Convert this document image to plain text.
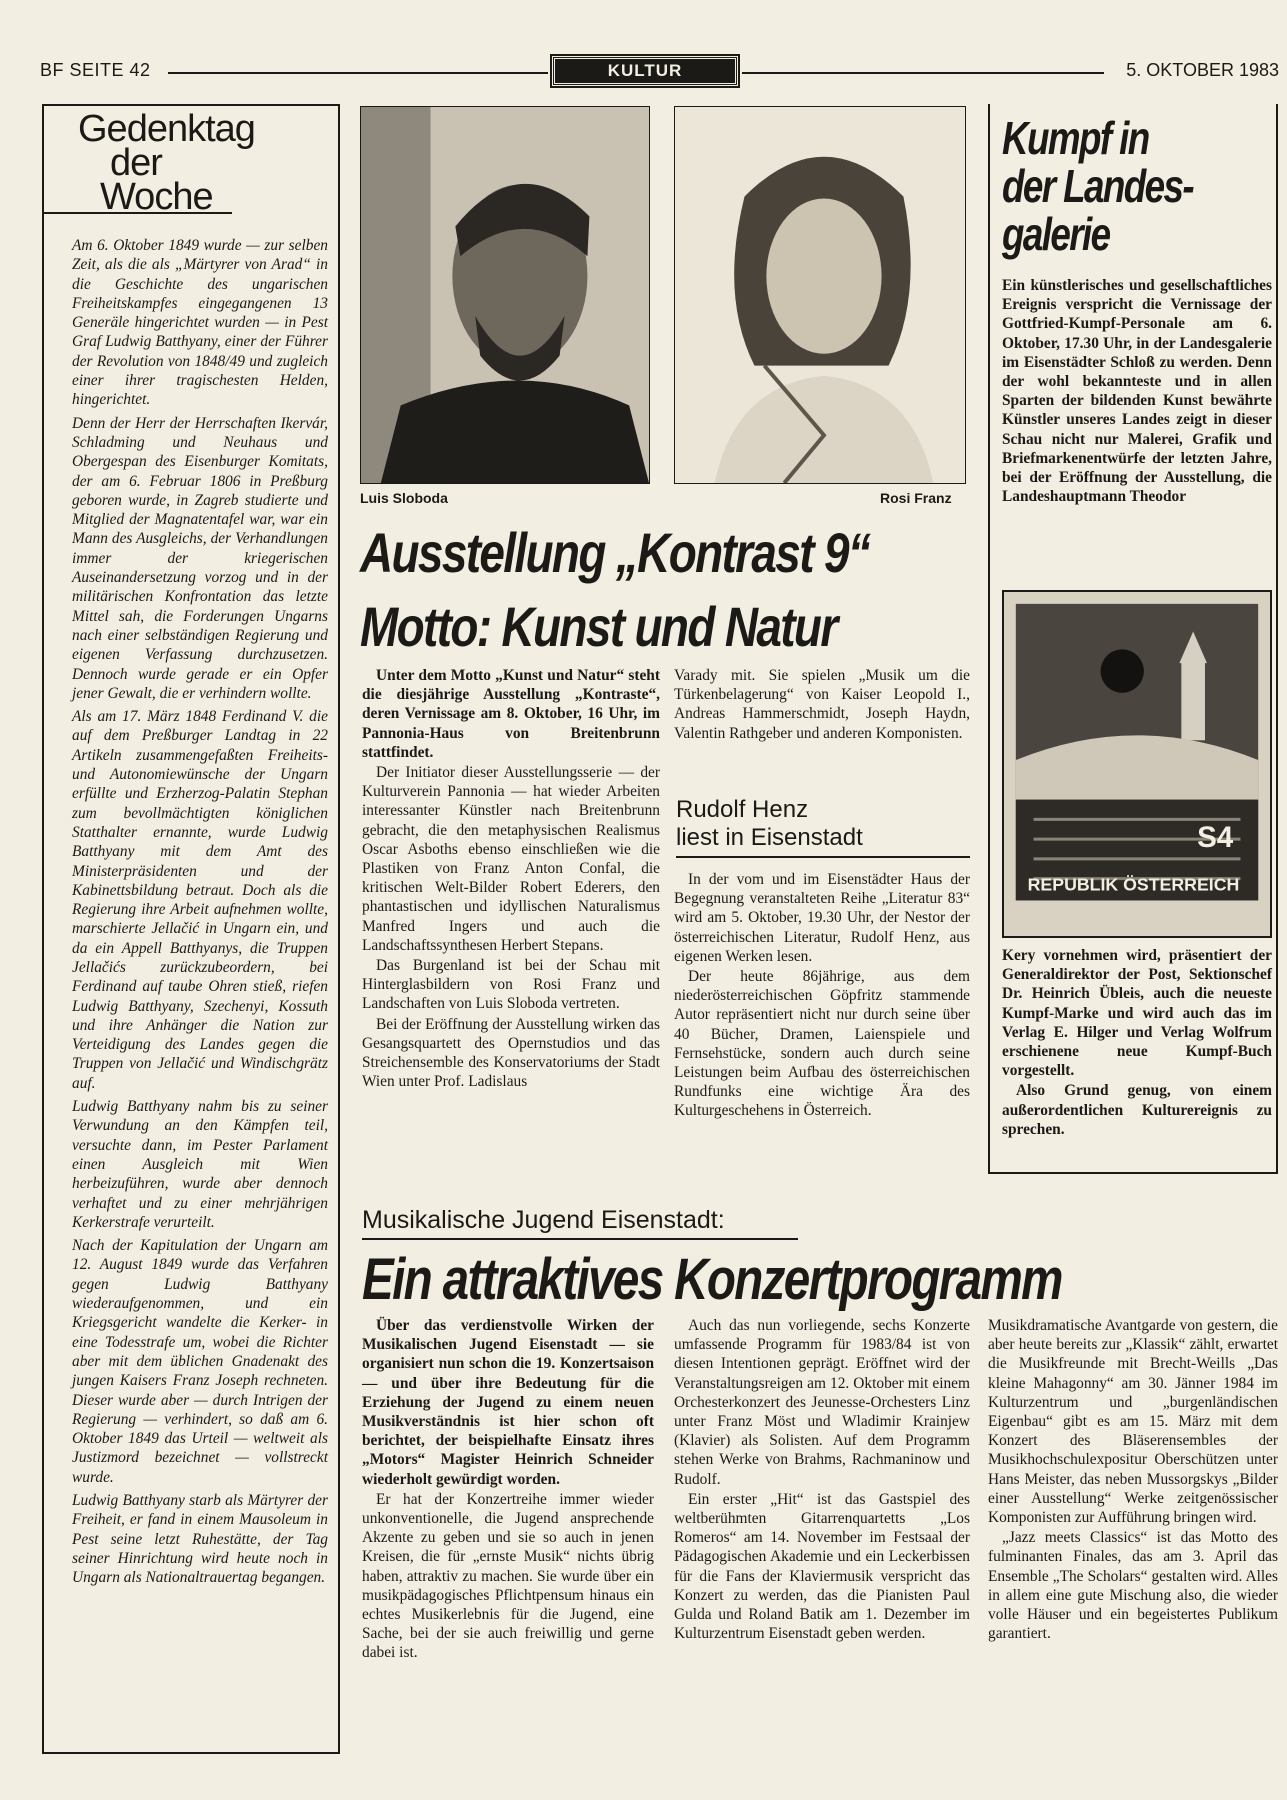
BF SEITE 42	KULTUR	5. OKTOBER 1983
Gedenktag
der
Woche

Am 6. Oktober 1849 wurde — zur selben Zeit, als die als „Märtyrer von Arad“ in die Geschichte des ungarischen Freiheitskampfes eingegangenen 13 Generäle hingerichtet wurden — in Pest Graf Ludwig Batthyany, einer der Führer der Revolution von 1848/49 und zugleich einer ihrer tragischesten Helden, hingerichtet.

Denn der Herr der Herrschaften Ikervár, Schladming und Neuhaus und Obergespan des Eisenburger Komitats, der am 6. Februar 1806 in Preßburg geboren wurde, in Zagreb studierte und Mitglied der Magnatentafel war, war ein Mann des Ausgleichs, der Verhandlungen immer der kriegerischen Auseinandersetzung vorzog und in der militärischen Konfrontation das letzte Mittel sah, die Forderungen Ungarns nach einer selbständigen Regierung und eigenen Verfassung durchzusetzen. Dennoch wurde gerade er ein Opfer jener Gewalt, die er verhindern wollte.

Als am 17. März 1848 Ferdinand V. die auf dem Preßburger Landtag in 22 Artikeln zusammengefaßten Freiheits- und Autonomiewünsche der Ungarn erfüllte und Erzherzog-Palatin Stephan zum bevollmächtigten königlichen Statthalter ernannte, wurde Ludwig Batthyany mit dem Amt des Ministerpräsidenten und der Kabinettsbildung betraut. Doch als die Regierung ihre Arbeit aufnehmen wollte, marschierte Jellačić in Ungarn ein, und da ein Appell Batthyanys, die Truppen Jellačićs zurückzubeordern, bei Ferdinand auf taube Ohren stieß, riefen Ludwig Batthyany, Szechenyi, Kossuth und ihre Anhänger die Nation zur Verteidigung des Landes gegen die Truppen von Jellačić und Windischgrätz auf.

Ludwig Batthyany nahm bis zu seiner Verwundung an den Kämpfen teil, versuchte dann, im Pester Parlament einen Ausgleich mit Wien herbeizuführen, wurde aber dennoch verhaftet und zu einer mehrjährigen Kerkerstrafe verurteilt.

Nach der Kapitulation der Ungarn am 12. August 1849 wurde das Verfahren gegen Ludwig Batthyany wiederaufgenommen, und ein Kriegsgericht wandelte die Kerker- in eine Todesstrafe um, wobei die Richter aber mit dem üblichen Gnadenakt des jungen Kaisers Franz Joseph rechneten. Dieser wurde aber — durch Intrigen der Regierung — verhindert, so daß am 6. Oktober 1849 das Urteil — weltweit als Justizmord bezeichnet — vollstreckt wurde.

Ludwig Batthyany starb als Märtyrer der Freiheit, er fand in einem Mausoleum in Pest seine letzt Ruhestätte, der Tag seiner Hinrichtung wird heute noch in Ungarn als Nationaltrauertag begangen.

Luis Sloboda	Rosi Franz
Ausstellung „Kontrast 9“
Motto: Kunst und Natur

Unter dem Motto „Kunst und Natur“ steht die diesjährige Ausstellung „Kontraste“, deren Vernissage am 8. Oktober, 16 Uhr, im Pannonia-Haus von Breitenbrunn stattfindet.

Der Initiator dieser Ausstellungsserie — der Kulturverein Pannonia — hat wieder Arbeiten interessanter Künstler nach Breitenbrunn gebracht, die den metaphysischen Realismus Oscar Asboths ebenso einschließen wie die Plastiken von Franz Anton Confal, die kritischen Welt-Bilder Robert Ederers, den phantastischen und idyllischen Naturalismus Manfred Ingers und auch die Landschaftssynthesen Herbert Stepans.

Das Burgenland ist bei der Schau mit Hinterglasbildern von Rosi Franz und Landschaften von Luis Sloboda vertreten.

Bei der Eröffnung der Ausstellung wirken das Gesangsquartett des Opernstudios und das Streichensemble des Konservatoriums der Stadt Wien unter Prof. Ladislaus

Varady mit. Sie spielen „Musik um die Türkenbelagerung“ von Kaiser Leopold I., Andreas Hammerschmidt, Joseph Haydn, Valentin Rathgeber und anderen Komponisten.

Rudolf Henz
liest in Eisenstadt

In der vom und im Eisenstädter Haus der Begegnung veranstalteten Reihe „Literatur 83“ wird am 5. Oktober, 19.30 Uhr, der Nestor der österreichischen Literatur, Rudolf Henz, aus eigenen Werken lesen.

Der heute 86jährige, aus dem niederösterreichischen Göpfritz stammende Autor repräsentiert nicht nur durch seine über 40 Bücher, Dramen, Laienspiele und Fernsehstücke, sondern auch durch seine Leistungen beim Aufbau des österreichischen Rundfunks eine wichtige Ära des Kulturgeschehens in Österreich.

Kumpf in
der Landes-
galerie

Ein künstlerisches und gesellschaftliches Ereignis verspricht die Vernissage der Gottfried-Kumpf-Personale am 6. Oktober, 17.30 Uhr, in der Landesgalerie im Eisenstädter Schloß zu werden. Denn der wohl bekannteste und in allen Sparten der bildenden Kunst bewährte Künstler unseres Landes zeigt in dieser Schau nicht nur Malerei, Grafik und Briefmarkenentwürfe der letzten Jahre, bei der Eröffnung der Ausstellung, die Landeshauptmann Theodor

S4
REPUBLIK ÖSTERREICH

Kery vornehmen wird, präsentiert der Generaldirektor der Post, Sektionschef Dr. Heinrich Übleis, auch die neueste Kumpf-Marke und wird auch das im Verlag E. Hilger und Verlag Wolfrum erschienene neue Kumpf-Buch vorgestellt.

Also Grund genug, von einem außerordentlichen Kulturereignis zu sprechen.

Musikalische Jugend Eisenstadt:
Ein attraktives Konzertprogramm

Über das verdienstvolle Wirken der Musikalischen Jugend Eisenstadt — sie organisiert nun schon die 19. Konzertsaison — und über ihre Bedeutung für die Erziehung der Jugend zu einem neuen Musikverständnis ist hier schon oft berichtet, der beispielhafte Einsatz ihres „Motors“ Magister Heinrich Schneider wiederholt gewürdigt worden.

Er hat der Konzertreihe immer wieder unkonventionelle, die Jugend ansprechende Akzente zu geben und sie so auch in jenen Kreisen, die für „ernste Musik“ nichts übrig haben, attraktiv zu machen. Sie wurde über ein musikpädagogisches Pflichtpensum hinaus ein echtes Musikerlebnis für die Jugend, eine Sache, bei der sie auch freiwillig und gerne dabei ist.

Auch das nun vorliegende, sechs Konzerte umfassende Programm für 1983/84 ist von diesen Intentionen geprägt. Eröffnet wird der Veranstaltungsreigen am 12. Oktober mit einem Orchesterkonzert des Jeunesse-Orchesters Linz unter Franz Möst und Wladimir Krainjew (Klavier) als Solisten. Auf dem Programm stehen Werke von Brahms, Rachmaninow und Rudolf.

Ein erster „Hit“ ist das Gastspiel des weltberühmten Gitarrenquartetts „Los Romeros“ am 14. November im Festsaal der Pädagogischen Akademie und ein Leckerbissen für die Fans der Klaviermusik verspricht das Konzert zu werden, das die Pianisten Paul Gulda und Roland Batik am 1. Dezember im Kulturzentrum Eisenstadt geben werden.

Musikdramatische Avantgarde von gestern, die aber heute bereits zur „Klassik“ zählt, erwartet die Musikfreunde mit Brecht-Weills „Das kleine Mahagonny“ am 30. Jänner 1984 im Kulturzentrum und „burgenländischen Eigenbau“ gibt es am 15. März mit dem Konzert des Bläserensembles der Musikhochschulexpositur Oberschützen unter Hans Meister, das neben Mussorgskys „Bilder einer Ausstellung“ Werke zeitgenössischer Komponisten zur Aufführung bringen wird.

„Jazz meets Classics“ ist das Motto des fulminanten Finales, das am 3. April das Ensemble „The Scholars“ gestalten wird. Alles in allem eine gute Mischung also, die wieder volle Häuser und ein begeistertes Publikum garantiert.
